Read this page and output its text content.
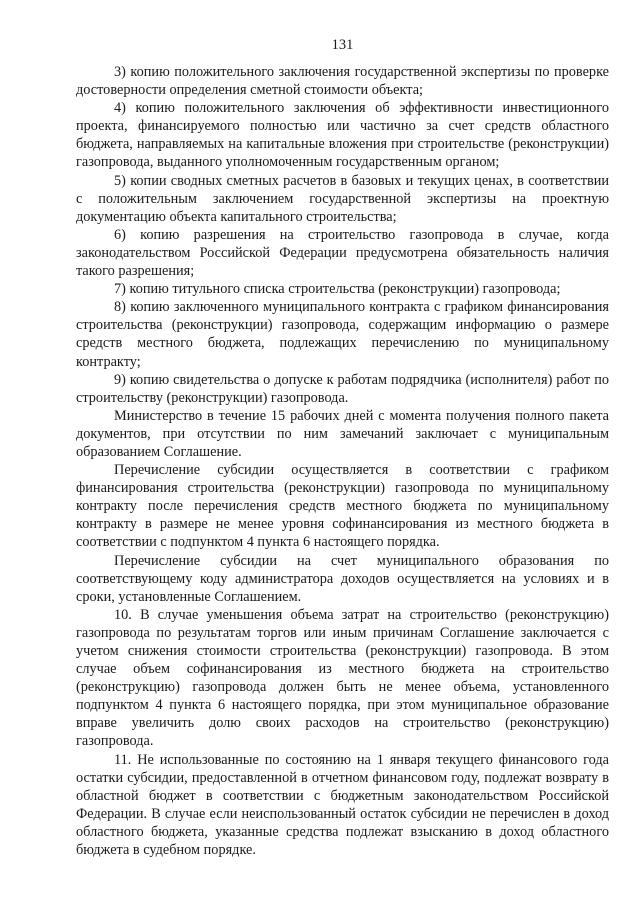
131

3) копию положительного заключения государственной экспертизы по проверке достоверности определения сметной стоимости объекта;

4) копию положительного заключения об эффективности инвестиционного проекта, финансируемого полностью или частично за счет средств областного бюджета, направляемых на капитальные вложения при строительстве (реконструкции) газопровода, выданного уполномоченным государственным органом;

5) копии сводных сметных расчетов в базовых и текущих ценах, в соответствии с положительным заключением государственной экспертизы на проектную документацию объекта капитального строительства;

6) копию разрешения на строительство газопровода в случае, когда законодательством Российской Федерации предусмотрена обязательность наличия такого разрешения;

7) копию титульного списка строительства (реконструкции) газопровода;

8) копию заключенного муниципального контракта с графиком финансирования строительства (реконструкции) газопровода, содержащим информацию о размере средств местного бюджета, подлежащих перечислению по муниципальному контракту;

9) копию свидетельства о допуске к работам подрядчика (исполнителя) работ по строительству (реконструкции) газопровода.

Министерство в течение 15 рабочих дней с момента получения полного пакета документов, при отсутствии по ним замечаний заключает с муниципальным образованием Соглашение.

Перечисление субсидии осуществляется в соответствии с графиком финансирования строительства (реконструкции) газопровода по муниципальному контракту после перечисления средств местного бюджета по муниципальному контракту в размере не менее уровня софинансирования из местного бюджета в соответствии с подпунктом 4 пункта 6 настоящего порядка.

Перечисление субсидии на счет муниципального образования по соответствующему коду администратора доходов осуществляется на условиях и в сроки, установленные Соглашением.

10. В случае уменьшения объема затрат на строительство (реконструкцию) газопровода по результатам торгов или иным причинам Соглашение заключается с учетом снижения стоимости строительства (реконструкции) газопровода. В этом случае объем софинансирования из местного бюджета на строительство (реконструкцию) газопровода должен быть не менее объема, установленного подпунктом 4 пункта 6 настоящего порядка, при этом муниципальное образование вправе увеличить долю своих расходов на строительство (реконструкцию) газопровода.

11. Не использованные по состоянию на 1 января текущего финансового года остатки субсидии, предоставленной в отчетном финансовом году, подлежат возврату в областной бюджет в соответствии с бюджетным законодательством Российской Федерации. В случае если неиспользованный остаток субсидии не перечислен в доход областного бюджета, указанные средства подлежат взысканию в доход областного бюджета в судебном порядке.
